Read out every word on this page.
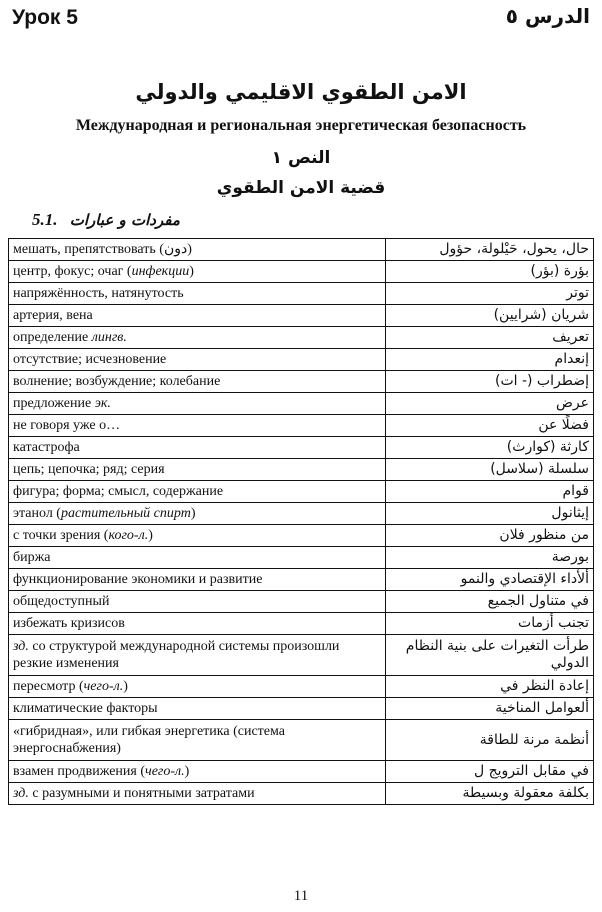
Урок 5	الدرس ٥
الامن الطقوي الاقليمي والدولي
Международная и региональная энергетическая безопасность
النص ١
قضية الامن الطقوي
5.1. مفردات و عبارات
мешать, препятствовать (دون)	حال، يحول، حَيْلولة، حؤول
центр, фокус; очаг (инфекции)	بؤرة (بؤر)
напряжённость, натянутость	توتر
артерия, вена	شريان (شرايين)
определение лингв.	تعريف
отсутствие; исчезновение	إنعدام
волнение; возбуждение; колебание	إضطراب (- ات)
предложение эк.	عرض
не говоря уже о…	فضلًا عن
катастрофа	كارثة (كوارث)
цепь; цепочка; ряд; серия	سلسلة (سلاسل)
фигура; форма; смысл, содержание	قوام
этанол (растительный спирт)	إيثانول
с точки зрения (кого-л.)	من منظور فلان
биржа	بورصة
функционирование экономики и развитие	ألأداء الإقتصادي والنمو
общедоступный	في متناول الجميع
избежать кризисов	تجنب أزمات
зд. со структурой международной системы произошли резкие изменения	طرأت التغيرات على بنية النظام الدولي
пересмотр (чего-л.)	إعادة النظر في
климатические факторы	ألعوامل المناخية
«гибридная», или гибкая энергетика (система энергоснабжения)	أنظمة مرنة للطاقة
взамен продвижения (чего-л.)	في مقابل الترويج ل
зд. с разумными и понятными затратами	بكلفة معقولة وبسيطة
11
